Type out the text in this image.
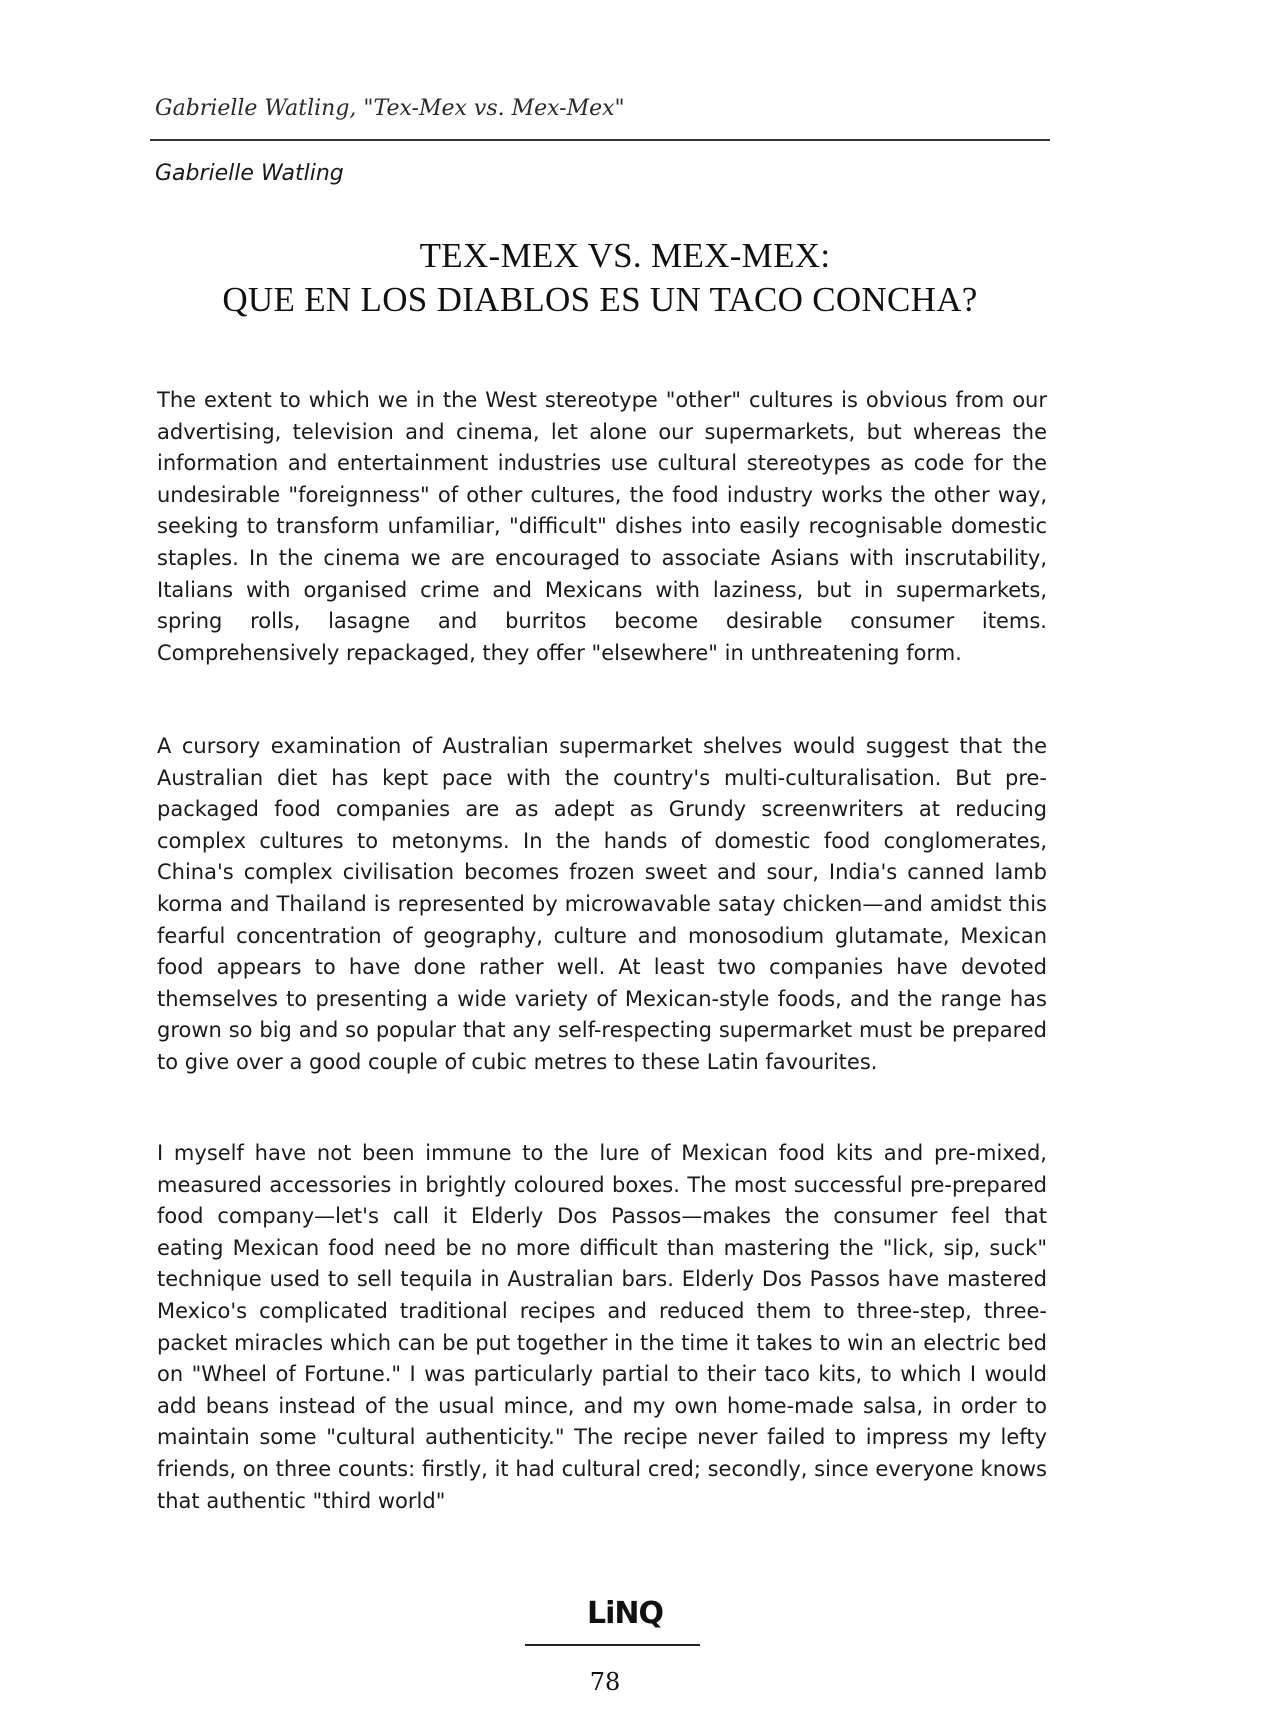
Gabrielle Watling, "Tex-Mex vs. Mex-Mex"
Gabrielle Watling
TEX-MEX VS. MEX-MEX:
QUE EN LOS DIABLOS ES UN TACO CONCHA?

The extent to which we in the West stereotype "other" cultures is obvious from our advertising, television and cinema, let alone our supermarkets, but whereas the information and entertainment industries use cultural stereotypes as code for the undesirable "foreignness" of other cultures, the food industry works the other way, seeking to transform unfamiliar, "difficult" dishes into easily recognisable domestic staples. In the cinema we are encouraged to associate Asians with inscrutability, Italians with organised crime and Mexicans with laziness, but in supermarkets, spring rolls, lasagne and burritos become desirable consumer items. Comprehensively repackaged, they offer "elsewhere" in unthreatening form.

A cursory examination of Australian supermarket shelves would suggest that the Australian diet has kept pace with the country's multi-culturalisation. But pre-packaged food companies are as adept as Grundy screenwriters at reducing complex cultures to metonyms. In the hands of domestic food conglomerates, China's complex civilisation becomes frozen sweet and sour, India's canned lamb korma and Thailand is represented by microwavable satay chicken—and amidst this fearful concentration of geography, culture and monosodium glutamate, Mexican food appears to have done rather well. At least two companies have devoted themselves to presenting a wide variety of Mexican-style foods, and the range has grown so big and so popular that any self-respecting supermarket must be prepared to give over a good couple of cubic metres to these Latin favourites.

I myself have not been immune to the lure of Mexican food kits and pre-mixed, measured accessories in brightly coloured boxes. The most successful pre-prepared food company—let's call it Elderly Dos Passos—makes the consumer feel that eating Mexican food need be no more difficult than mastering the "lick, sip, suck" technique used to sell tequila in Australian bars. Elderly Dos Passos have mastered Mexico's complicated traditional recipes and reduced them to three-step, three-packet miracles which can be put together in the time it takes to win an electric bed on "Wheel of Fortune." I was particularly partial to their taco kits, to which I would add beans instead of the usual mince, and my own home-made salsa, in order to maintain some "cultural authenticity." The recipe never failed to impress my lefty friends, on three counts: firstly, it had cultural cred; secondly, since everyone knows that authentic "third world"

LiNQ
78
